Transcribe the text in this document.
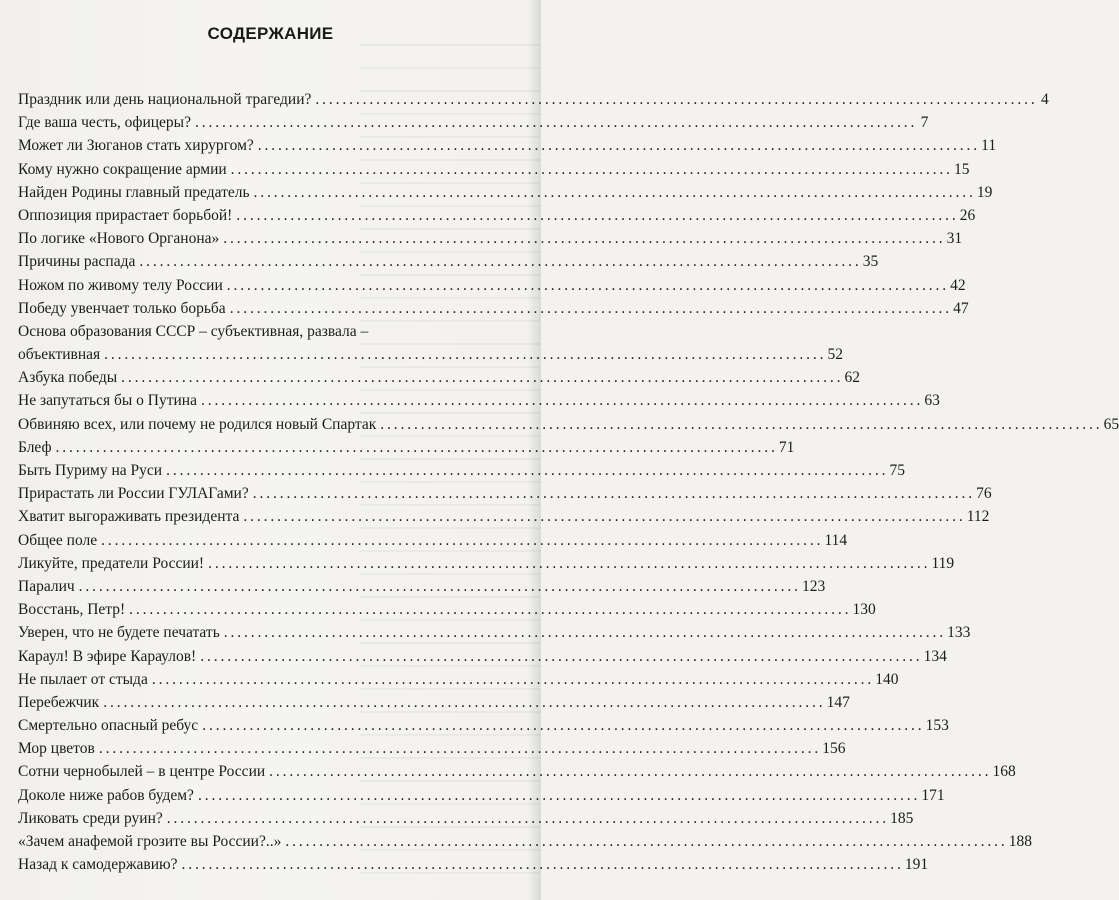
СОДЕРЖАНИЕ
Праздник или день национальной трагедии? . . .	4
Где ваша честь, офицеры? . . .	7
Может ли Зюганов стать хирургом? . . .	11
Кому нужно сокращение армии . . .	15
Найден Родины главный предатель . . .	19
Оппозиция прирастает борьбой! . . .	26
По логике «Нового Органона» . . .	31
Причины распада . . .	35
Ножом по живому телу России . . .	42
Победу увенчает только борьба . . .	47
Основа образования СССР – субъективная, развала –
объективная . . .	52
Азбука победы . . .	62
Не запутаться бы о Путина . . .	63
Обвиняю всех, или почему не родился новый Спартак . . .	65
Блеф . . .	71
Быть Пуриму на Руси . . .	75
Прирастать ли России ГУЛАГами? . . .	76
Хватит выгораживать президента . . .	112
Общее поле . . .	114
Ликуйте, предатели России! . . .	119
Паралич . . .	123
Восстань, Петр! . . .	130
Уверен, что не будете печатать . . .	133
Караул! В эфире Караулов! . . .	134
Не пылает от стыда . . .	140
Перебежчик . . .	147
Смертельно опасный ребус . . .	153
Мор цветов . . .	156
Сотни чернобылей – в центре России . . .	168
Доколе ниже рабов будем? . . .	171
Ликовать среди руин? . . .	185
«Зачем анафемой грозите вы России?..» . . .	188
Назад к самодержавию? . . .	191
